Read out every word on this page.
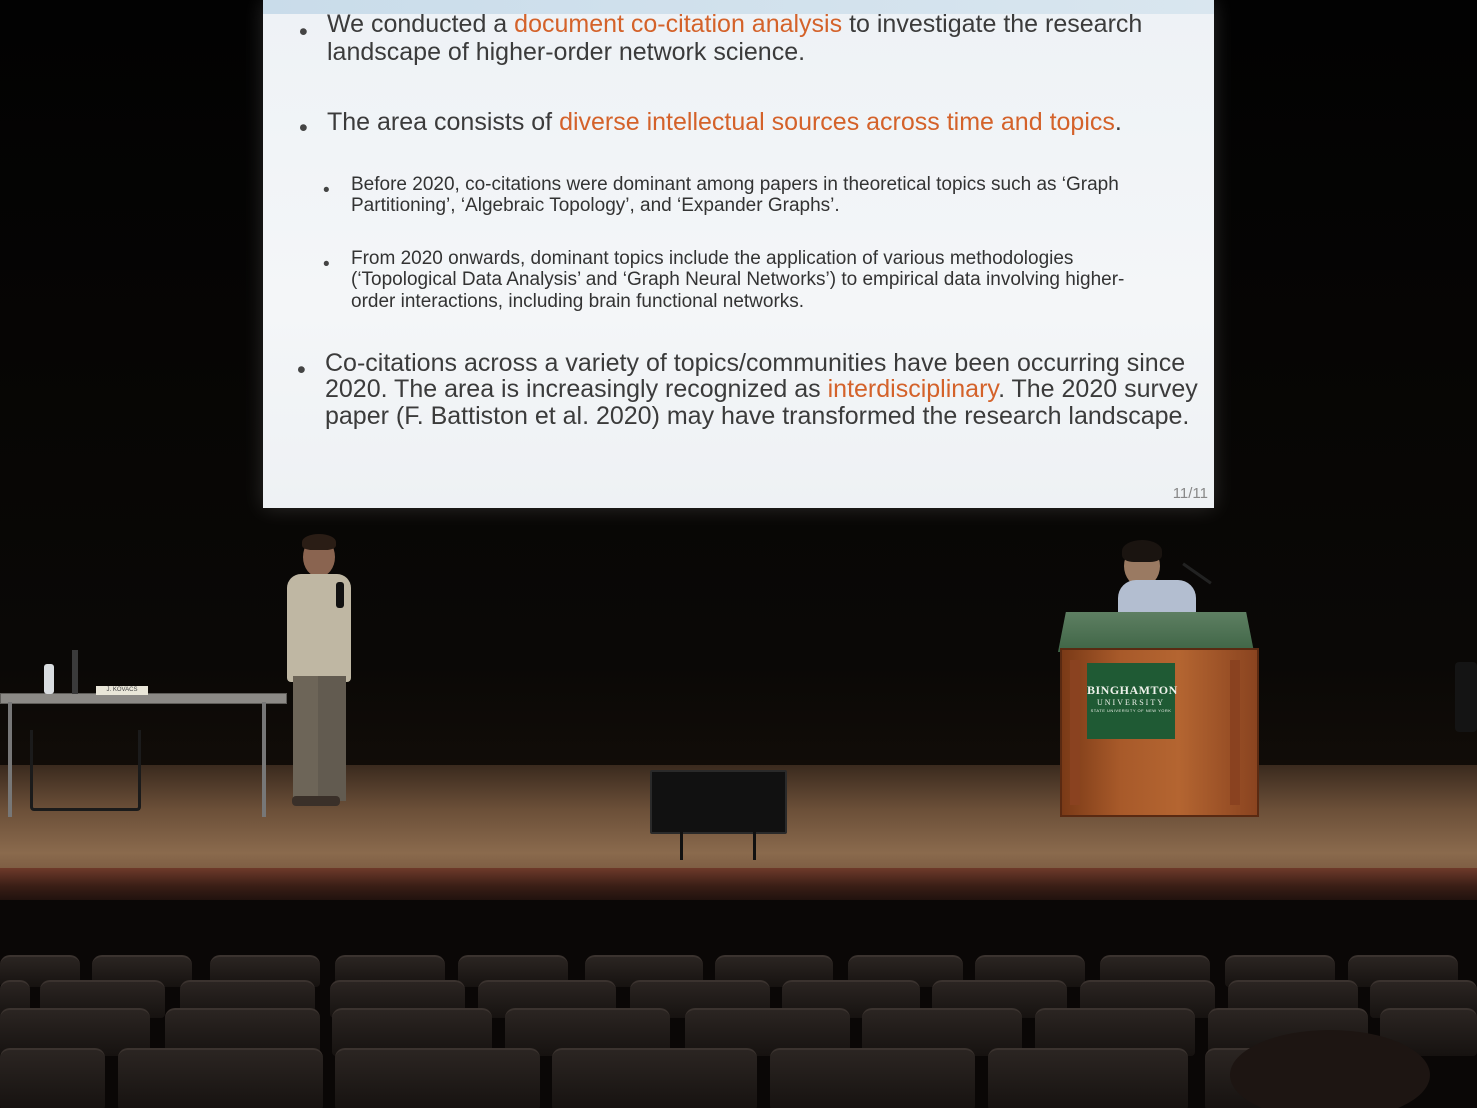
• We conducted a document co-citation analysis to investigate the research
landscape of higher-order network science.
• The area consists of diverse intellectual sources across time and topics.
• Before 2020, co-citations were dominant among papers in theoretical topics such as ‘Graph
Partitioning’, ‘Algebraic Topology’, and ‘Expander Graphs’.
• From 2020 onwards, dominant topics include the application of various methodologies
(‘Topological Data Analysis’ and ‘Graph Neural Networks’) to empirical data involving higher-
order interactions, including brain functional networks.
• Co-citations across a variety of topics/communities have been occurring since
2020. The area is increasingly recognized as interdisciplinary. The 2020 survey
paper (F. Battiston et al. 2020) may have transformed the research landscape.
11/11
J. KOVACS	BINGHAMTON
UNIVERSITY
STATE UNIVERSITY OF NEW YORK
